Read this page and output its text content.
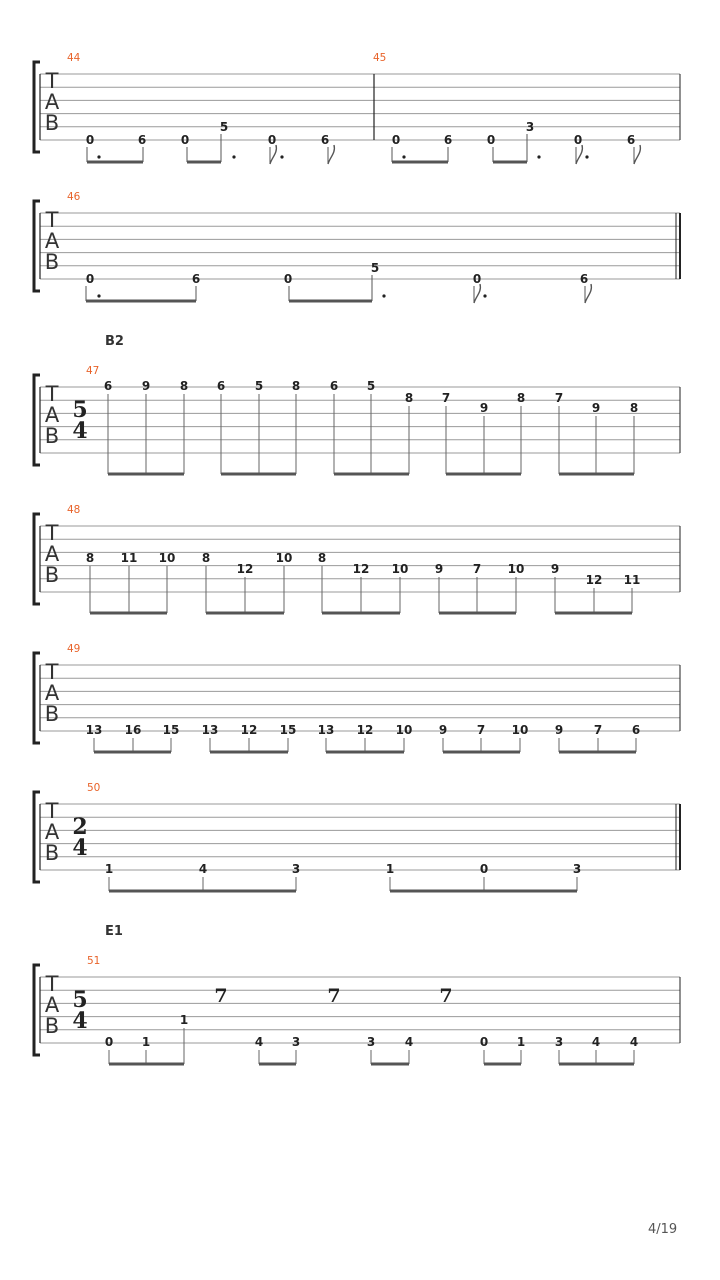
T
A
B
44	45
0	6	0
5
0	6	0	6	0
3
0	6
T
A
B
46
0	6	0
5
0	6
T
A
B
47
B2
5
4
6 9 8 6 5 8 6 5
8 7
9
8 7
9 8
T
A
B
48
8 11 10 8
12
10 8
12 10 9 7 10 9
12 11
T
A
B
49
13 16 15 13 12 15 13 12 10 9 7 10 9	7 6
T
A
B
50
2
4
1	4	3	1	0	3
T
A
B
51
E1
5
4
0 1
1
4 3	3 4	0 1 3 4 4
7	7	7
4/19
